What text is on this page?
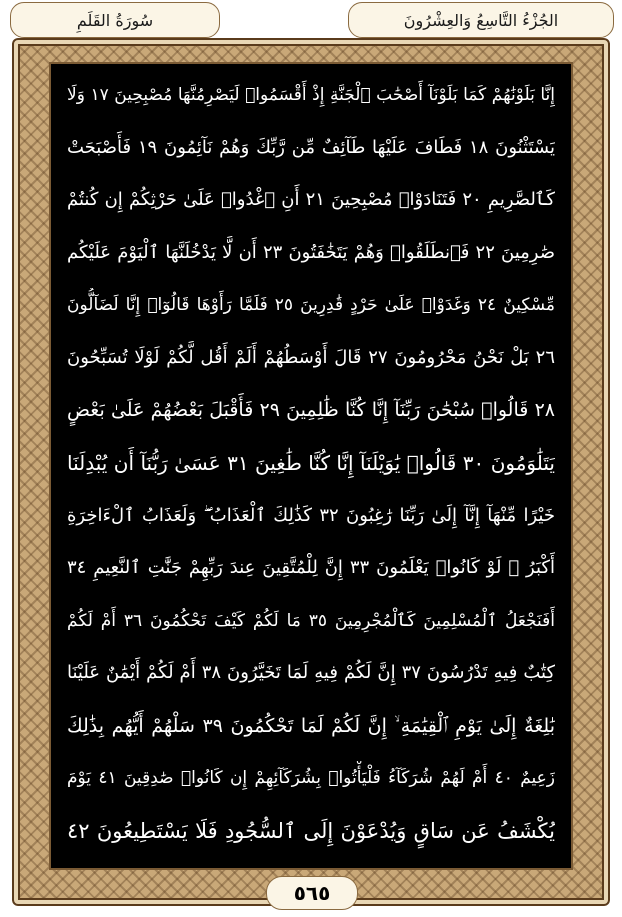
الجُزْءُ التَّاسِعُ وَالعِشْرُونَ
سُورَةُ القَلَمِ
إِنَّا بَلَوْنَٰهُمْ كَمَا بَلَوْنَآ أَصْحَٰبَ ٱلْجَنَّةِ إِذْ أَقْسَمُوا۟ لَيَصْرِمُنَّهَا مُصْبِحِينَ ١٧ وَلَا
يَسْتَثْنُونَ ١٨ فَطَافَ عَلَيْهَا طَآئِفٌ مِّن رَّبِّكَ وَهُمْ نَآئِمُونَ ١٩ فَأَصْبَحَتْ
كَٱلصَّرِيمِ ٢٠ فَتَنَادَوْا۟ مُصْبِحِينَ ٢١ أَنِ ٱغْدُوا۟ عَلَىٰ حَرْثِكُمْ إِن كُنتُمْ
صَٰرِمِينَ ٢٢ فَٱنطَلَقُوا۟ وَهُمْ يَتَخَٰفَتُونَ ٢٣ أَن لَّا يَدْخُلَنَّهَا ٱلْيَوْمَ عَلَيْكُم
مِّسْكِينٌ ٢٤ وَغَدَوْا۟ عَلَىٰ حَرْدٍ قَٰدِرِينَ ٢٥ فَلَمَّا رَأَوْهَا قَالُوٓا۟ إِنَّا لَضَآلُّونَ
٢٦ بَلْ نَحْنُ مَحْرُومُونَ ٢٧ قَالَ أَوْسَطُهُمْ أَلَمْ أَقُل لَّكُمْ لَوْلَا تُسَبِّحُونَ
٢٨ قَالُوا۟ سُبْحَٰنَ رَبِّنَآ إِنَّا كُنَّا ظَٰلِمِينَ ٢٩ فَأَقْبَلَ بَعْضُهُمْ عَلَىٰ بَعْضٍ
يَتَلَٰوَمُونَ ٣٠ قَالُوا۟ يَٰوَيْلَنَآ إِنَّا كُنَّا طَٰغِينَ ٣١ عَسَىٰ رَبُّنَآ أَن يُبْدِلَنَا
خَيْرًا مِّنْهَآ إِنَّآ إِلَىٰ رَبِّنَا رَٰغِبُونَ ٣٢ كَذَٰلِكَ ٱلْعَذَابُ ۖ وَلَعَذَابُ ٱلْءَاخِرَةِ
أَكْبَرُ ۚ لَوْ كَانُوا۟ يَعْلَمُونَ ٣٣ إِنَّ لِلْمُتَّقِينَ عِندَ رَبِّهِمْ جَنَّٰتِ ٱلنَّعِيمِ ٣٤
أَفَنَجْعَلُ ٱلْمُسْلِمِينَ كَٱلْمُجْرِمِينَ ٣٥ مَا لَكُمْ كَيْفَ تَحْكُمُونَ ٣٦ أَمْ لَكُمْ
كِتَٰبٌ فِيهِ تَدْرُسُونَ ٣٧ إِنَّ لَكُمْ فِيهِ لَمَا تَخَيَّرُونَ ٣٨ أَمْ لَكُمْ أَيْمَٰنٌ عَلَيْنَا
بَٰلِغَةٌ إِلَىٰ يَوْمِ ٱلْقِيَٰمَةِ ۙ إِنَّ لَكُمْ لَمَا تَحْكُمُونَ ٣٩ سَلْهُمْ أَيُّهُم بِذَٰلِكَ
زَعِيمٌ ٤٠ أَمْ لَهُمْ شُرَكَآءُ فَلْيَأْتُوا۟ بِشُرَكَآئِهِمْ إِن كَانُوا۟ صَٰدِقِينَ ٤١ يَوْمَ
يُكْشَفُ عَن سَاقٍ وَيُدْعَوْنَ إِلَى ٱلسُّجُودِ فَلَا يَسْتَطِيعُونَ ٤٢
٥٦٥
